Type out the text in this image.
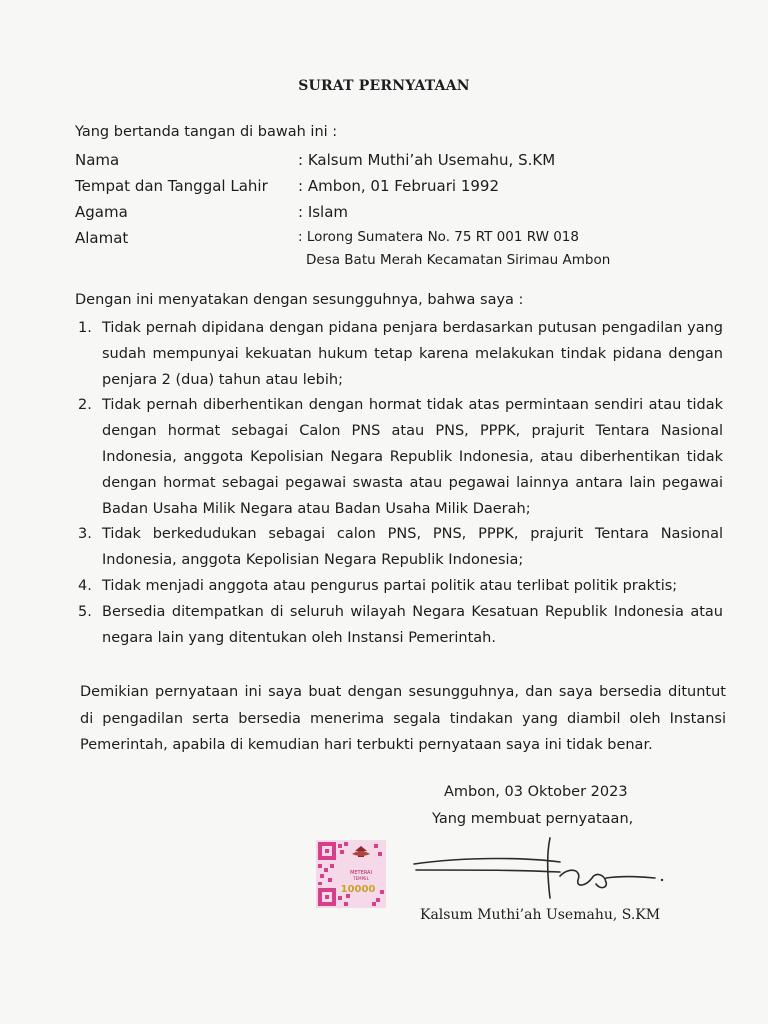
SURAT PERNYATAAN
Yang bertanda tangan di bawah ini :
Nama	: Kalsum Muthi’ah Usemahu, S.KM
Tempat dan Tanggal Lahir : Ambon, 01 Februari 1992
Agama	: Islam
Alamat	: Lorong Sumatera No. 75 RT 001 RW 018
Desa Batu Merah Kecamatan Sirimau Ambon
Dengan ini menyatakan dengan sesungguhnya, bahwa saya :
1. Tidak pernah dipidana dengan pidana penjara berdasarkan putusan pengadilan yang sudah mempunyai kekuatan hukum tetap karena melakukan tindak pidana dengan penjara 2 (dua) tahun atau lebih;
2. Tidak pernah diberhentikan dengan hormat tidak atas permintaan sendiri atau tidak dengan hormat sebagai Calon PNS atau PNS, PPPK, prajurit Tentara Nasional Indonesia, anggota Kepolisian Negara Republik Indonesia, atau diberhentikan tidak dengan hormat sebagai pegawai swasta atau pegawai lainnya antara lain pegawai Badan Usaha Milik Negara atau Badan Usaha Milik Daerah;
3. Tidak berkedudukan sebagai calon PNS, PNS, PPPK, prajurit Tentara Nasional Indonesia, anggota Kepolisian Negara Republik Indonesia;
4. Tidak menjadi anggota atau pengurus partai politik atau terlibat politik praktis;
5. Bersedia ditempatkan di seluruh wilayah Negara Kesatuan Republik Indonesia atau negara lain yang ditentukan oleh Instansi Pemerintah.
Demikian pernyataan ini saya buat dengan sesungguhnya, dan saya bersedia dituntut di pengadilan serta bersedia menerima segala tindakan yang diambil oleh Instansi Pemerintah, apabila di kemudian hari terbukti pernyataan saya ini tidak benar.
Ambon, 03 Oktober 2023
Yang membuat pernyataan,
METERAI
TEMPEL
10000
Kalsum Muthi’ah Usemahu, S.KM
